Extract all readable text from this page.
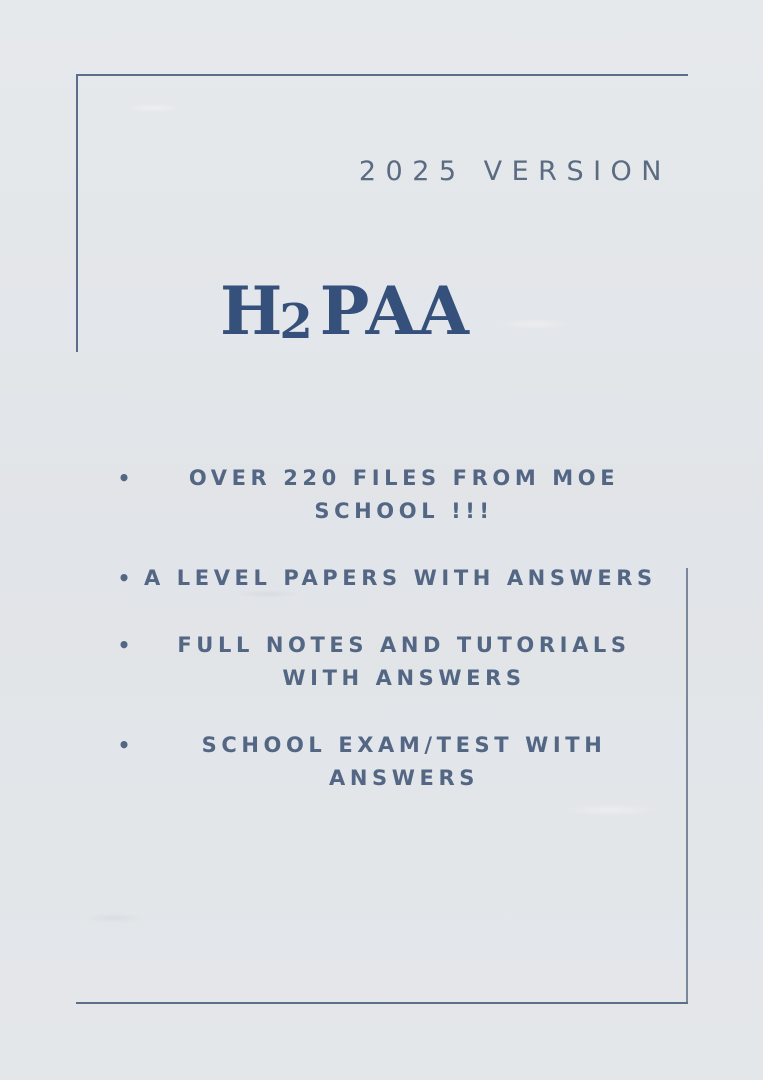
2025 VERSION
H2PAA
•	OVER 220 FILES FROM MOE SCHOOL !!!
• A LEVEL PAPERS WITH ANSWERS
•	FULL NOTES AND TUTORIALS WITH ANSWERS
•	SCHOOL EXAM/TEST WITH ANSWERS
